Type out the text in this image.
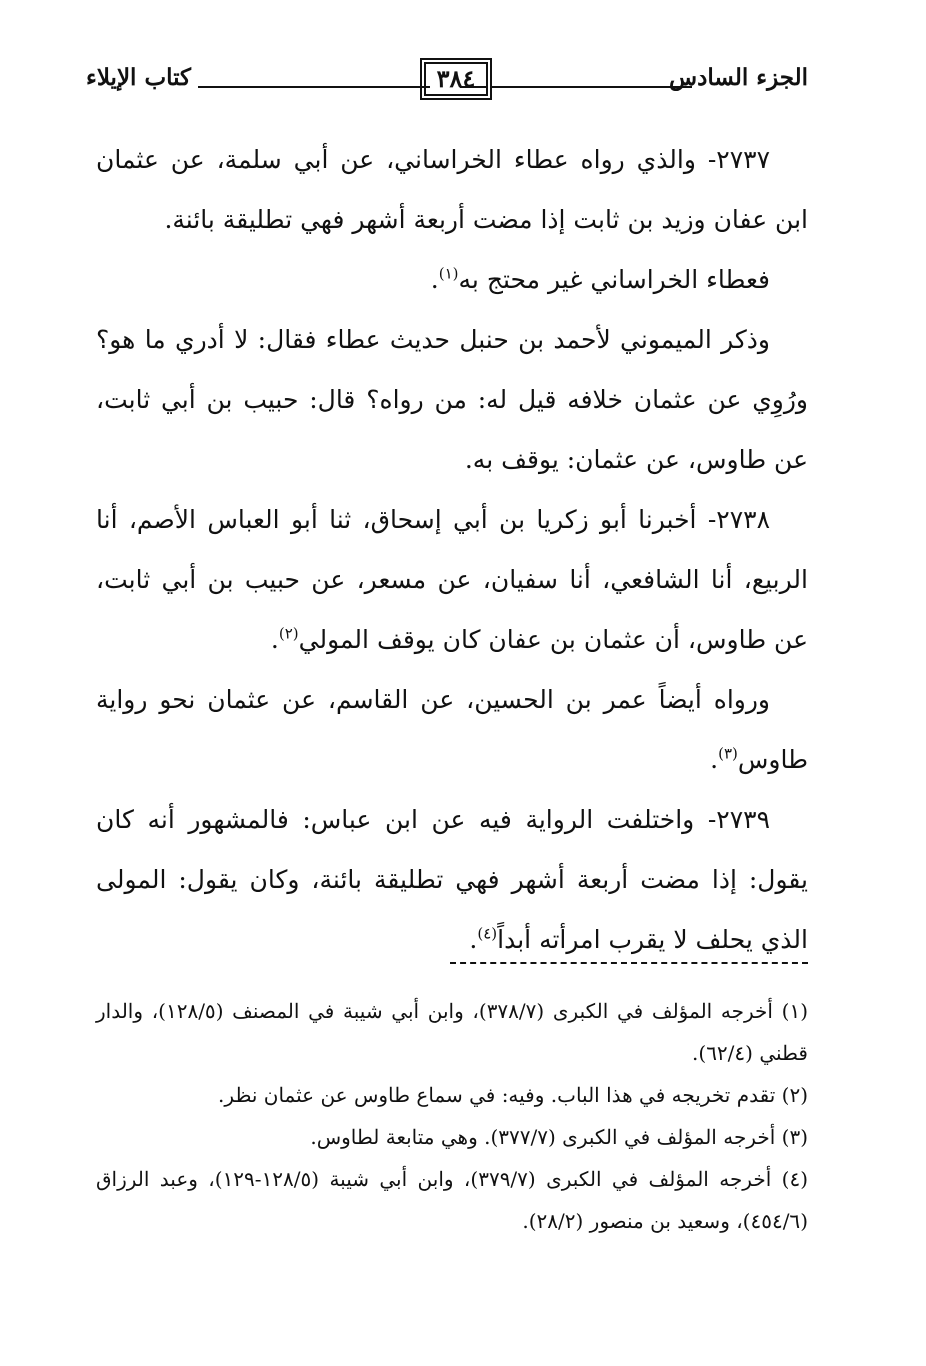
الجزء السادس
٣٨٤
كتاب الإيلاء

٢٧٣٧- والذي رواه عطاء الخراساني، عن أبي سلمة، عن عثمان ابن عفان وزيد بن ثابت إذا مضت أربعة أشهر فهي تطليقة بائنة.

فعطاء الخراساني غير محتج به$^{(١)}$.

وذكر الميموني لأحمد بن حنبل حديث عطاء فقال: لا أدري ما هو؟ ورُوِي عن عثمان خلافه قيل له: من رواه؟ قال: حبيب بن أبي ثابت، عن طاوس، عن عثمان: يوقف به.

٢٧٣٨- أخبرنا أبو زكريا بن أبي إسحاق، ثنا أبو العباس الأصم، أنا الربيع، أنا الشافعي، أنا سفيان، عن مسعر، عن حبيب بن أبي ثابت، عن طاوس، أن عثمان بن عفان كان يوقف المولي$^{(٢)}$.

ورواه أيضاً عمر بن الحسين، عن القاسم، عن عثمان نحو رواية طاوس$^{(٣)}$.

٢٧٣٩- واختلفت الرواية فيه عن ابن عباس: فالمشهور أنه كان يقول: إذا مضت أربعة أشهر فهي تطليقة بائنة، وكان يقول: المولى الذي يحلف لا يقرب امرأته أبداً$^{(٤)}$.

(١) أخرجه المؤلف في الكبرى (٣٧٨/٧)، وابن أبي شيبة في المصنف (١٢٨/٥)، والدار قطني (٦٢/٤).

(٢) تقدم تخريجه في هذا الباب. وفيه: في سماع طاوس عن عثمان نظر.

(٣) أخرجه المؤلف في الكبرى (٣٧٧/٧). وهي متابعة لطاوس.

(٤) أخرجه المؤلف في الكبرى (٣٧٩/٧)، وابن أبي شيبة (١٢٨/٥-١٢٩)، وعبد الرزاق (٤٥٤/٦)، وسعيد بن منصور (٢٨/٢).
